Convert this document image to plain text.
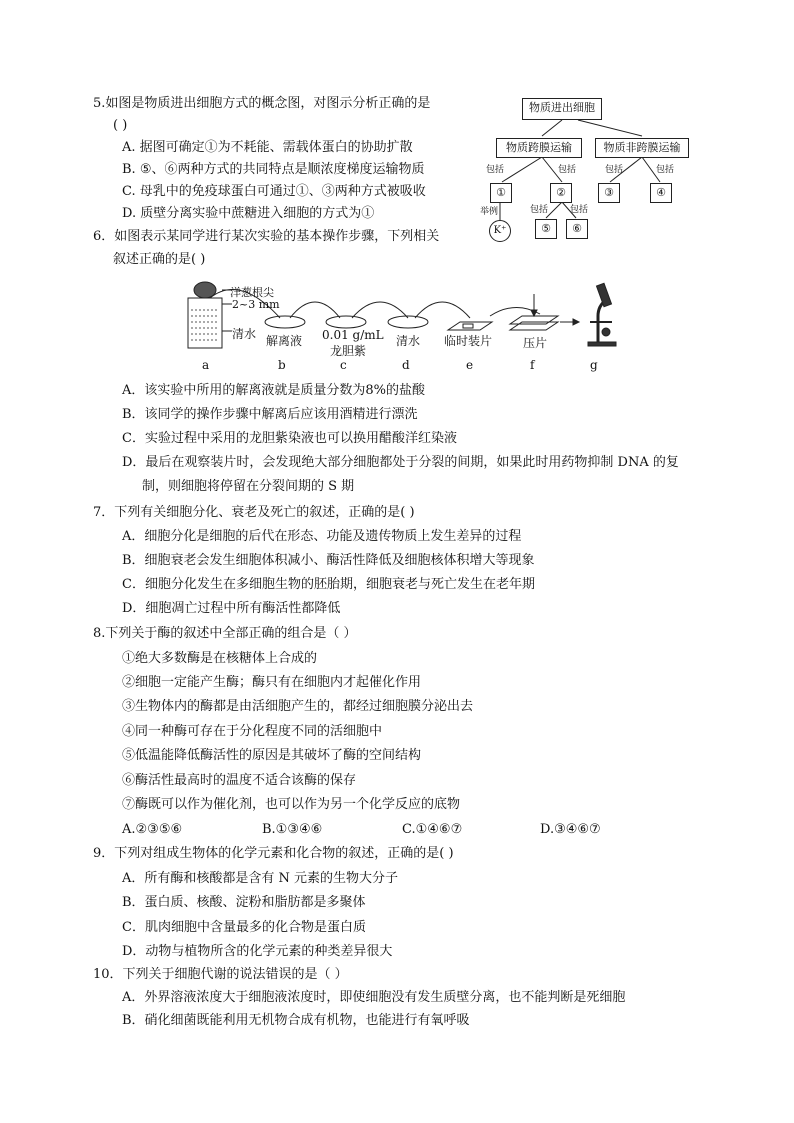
5.如图是物质进出细胞方式的概念图，对图示分析正确的是
( )
A. 据图可确定①为不耗能、需载体蛋白的协助扩散
B. ⑤、⑥两种方式的共同特点是顺浓度梯度运输物质
C. 母乳中的免疫球蛋白可通过①、③两种方式被吸收
D. 质壁分离实验中蔗糖进入细胞的方式为①
物质进出细胞
物质跨膜运输	物质非跨膜运输
包括	包括	包括	包括
①	②	③	④
举例	包括 包括
K⁺	⑤	⑥
6．如图表示某同学进行某次实验的基本操作步骤，下列相关
叙述正确的是( )
洋葱根尖
2~3 mm
清水 解离液 0.01 g/mL
龙胆紫
清水 临时装片	压片
a	b	c	d	e	f	g
A．该实验中所用的解离液就是质量分数为8%的盐酸
B．该同学的操作步骤中解离后应该用酒精进行漂洗
C．实验过程中采用的龙胆紫染液也可以换用醋酸洋红染液
D．最后在观察装片时，会发现绝大部分细胞都处于分裂的间期，如果此时用药物抑制 DNA 的复
制，则细胞将停留在分裂间期的 S 期
7．下列有关细胞分化、衰老及死亡的叙述，正确的是( )
A．细胞分化是细胞的后代在形态、功能及遗传物质上发生差异的过程
B．细胞衰老会发生细胞体积减小、酶活性降低及细胞核体积增大等现象
C．细胞分化发生在多细胞生物的胚胎期，细胞衰老与死亡发生在老年期
D．细胞凋亡过程中所有酶活性都降低
8.下列关于酶的叙述中全部正确的组合是（ ）
①绝大多数酶是在核糖体上合成的
②细胞一定能产生酶；酶只有在细胞内才起催化作用
③生物体内的酶都是由活细胞产生的，都经过细胞膜分泌出去
④同一种酶可存在于分化程度不同的活细胞中
⑤低温能降低酶活性的原因是其破坏了酶的空间结构
⑥酶活性最高时的温度不适合该酶的保存
⑦酶既可以作为催化剂，也可以作为另一个化学反应的底物
A.②③⑤⑥	B.①③④⑥	C.①④⑥⑦	D.③④⑥⑦
9．下列对组成生物体的化学元素和化合物的叙述，正确的是( )
A．所有酶和核酸都是含有 N 元素的生物大分子
B．蛋白质、核酸、淀粉和脂肪都是多聚体
C．肌肉细胞中含量最多的化合物是蛋白质
D．动物与植物所含的化学元素的种类差异很大
10．下列关于细胞代谢的说法错误的是（ ）
A．外界溶液浓度大于细胞液浓度时，即使细胞没有发生质壁分离，也不能判断是死细胞
B．硝化细菌既能利用无机物合成有机物，也能进行有氧呼吸
